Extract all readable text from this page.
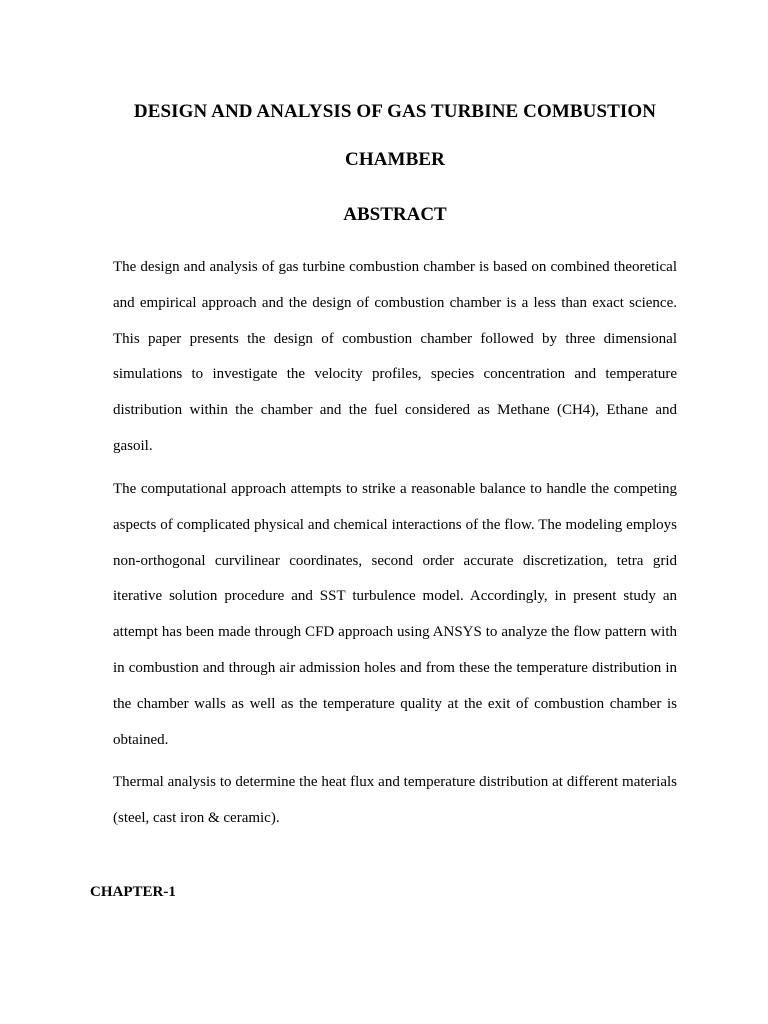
DESIGN AND ANALYSIS OF GAS TURBINE COMBUSTION
CHAMBER
ABSTRACT

The design and analysis of gas turbine combustion chamber is based on combined theoretical and empirical approach and the design of combustion chamber is a less than exact science. This paper presents the design of combustion chamber followed by three dimensional simulations to investigate the velocity profiles, species concentration and temperature distribution within the chamber and the fuel considered as Methane (CH4), Ethane and gasoil.

The computational approach attempts to strike a reasonable balance to handle the competing aspects of complicated physical and chemical interactions of the flow. The modeling employs non-orthogonal curvilinear coordinates, second order accurate discretization, tetra grid iterative solution procedure and SST turbulence model. Accordingly, in present study an attempt has been made through CFD approach using ANSYS to analyze the flow pattern with in combustion and through air admission holes and from these the temperature distribution in the chamber walls as well as the temperature quality at the exit of combustion chamber is obtained.

Thermal analysis to determine the heat flux and temperature distribution at different materials (steel, cast iron & ceramic).

CHAPTER-1
